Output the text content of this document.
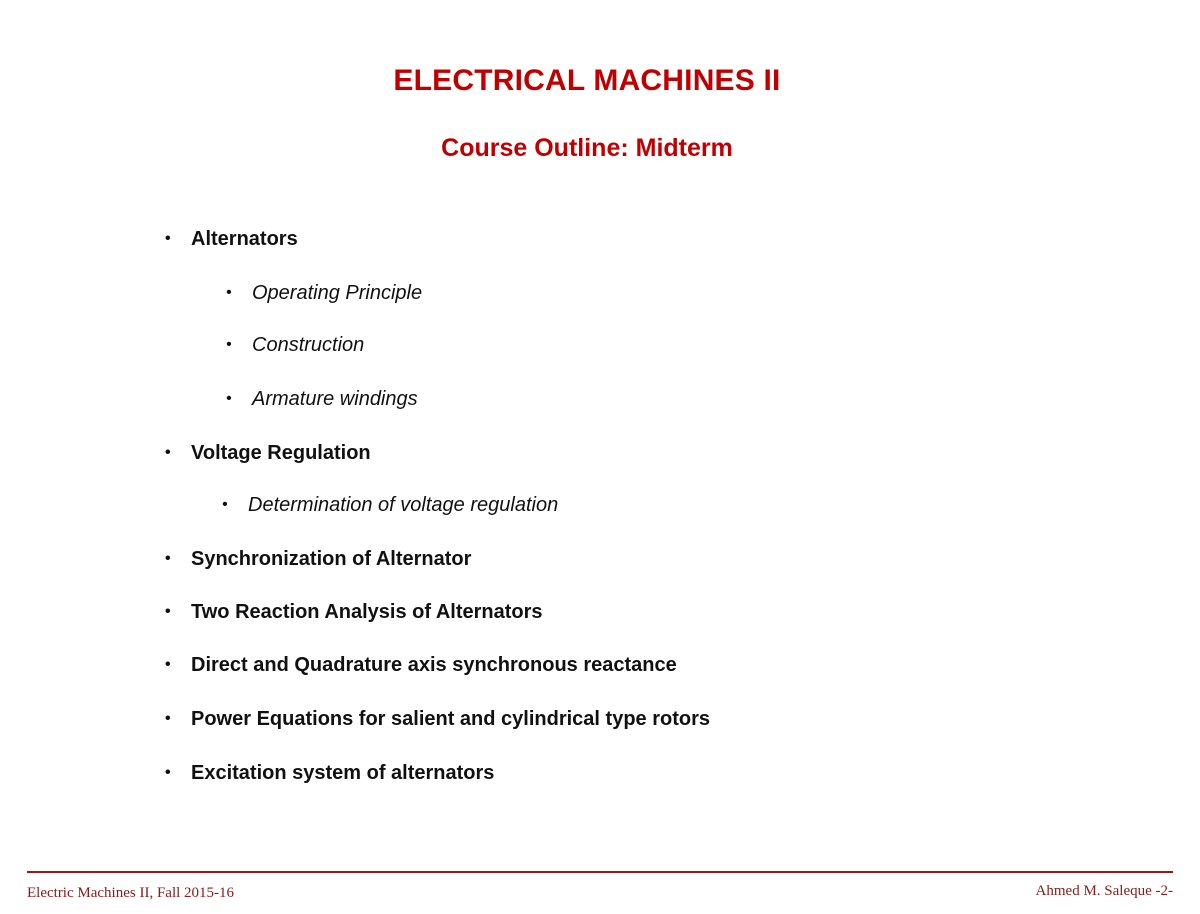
ELECTRICAL MACHINES II
Course Outline: Midterm
• Alternators
• Operating Principle
• Construction
• Armature windings
• Voltage Regulation
• Determination of voltage regulation
• Synchronization of Alternator
• Two Reaction Analysis of Alternators
• Direct and Quadrature axis synchronous reactance
• Power Equations for salient and cylindrical type rotors
• Excitation system of alternators
Electric Machines II, Fall 2015-16	Ahmed M. Saleque -2-
